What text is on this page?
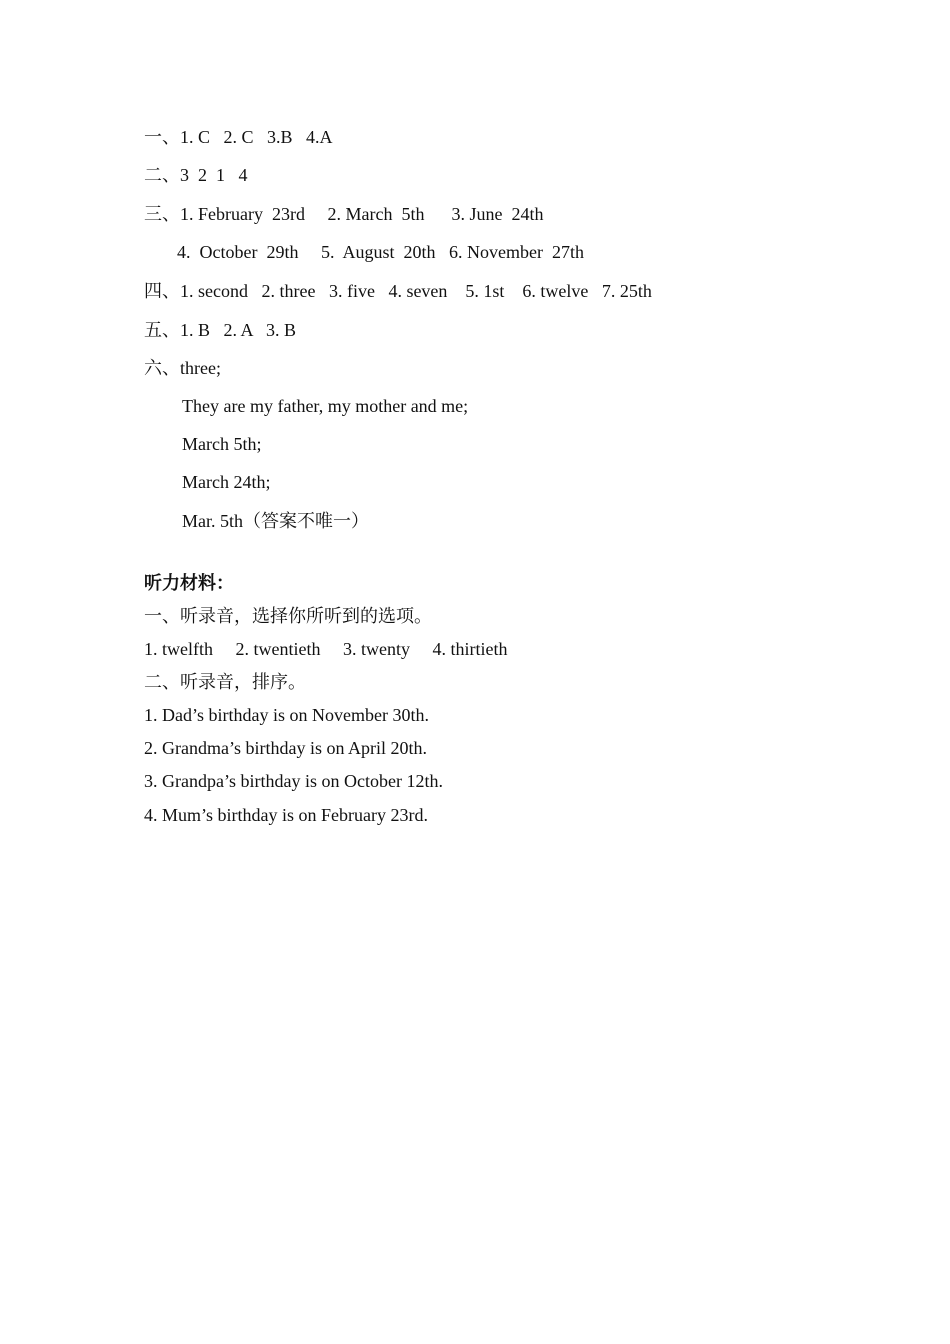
一、1. C   2. C   3.B   4.A
二、3  2  1   4
三、1. February  23rd     2. March  5th      3. June  24th
4.  October  29th     5.  August  20th   6. November  27th
四、1. second   2. three   3. five   4. seven    5. 1st    6. twelve   7. 25th
五、1. B   2. A   3. B
六、three;
They are my father, my mother and me;
March 5th;
March 24th;
Mar. 5th（答案不唯一）
听力材料：
一、听录音，选择你所听到的选项。
1. twelfth     2. twentieth     3. twenty     4. thirtieth
二、听录音，排序。
1. Dad’s birthday is on November 30th.
2. Grandma’s birthday is on April 20th.
3. Grandpa’s birthday is on October 12th.
4. Mum’s birthday is on February 23rd.
